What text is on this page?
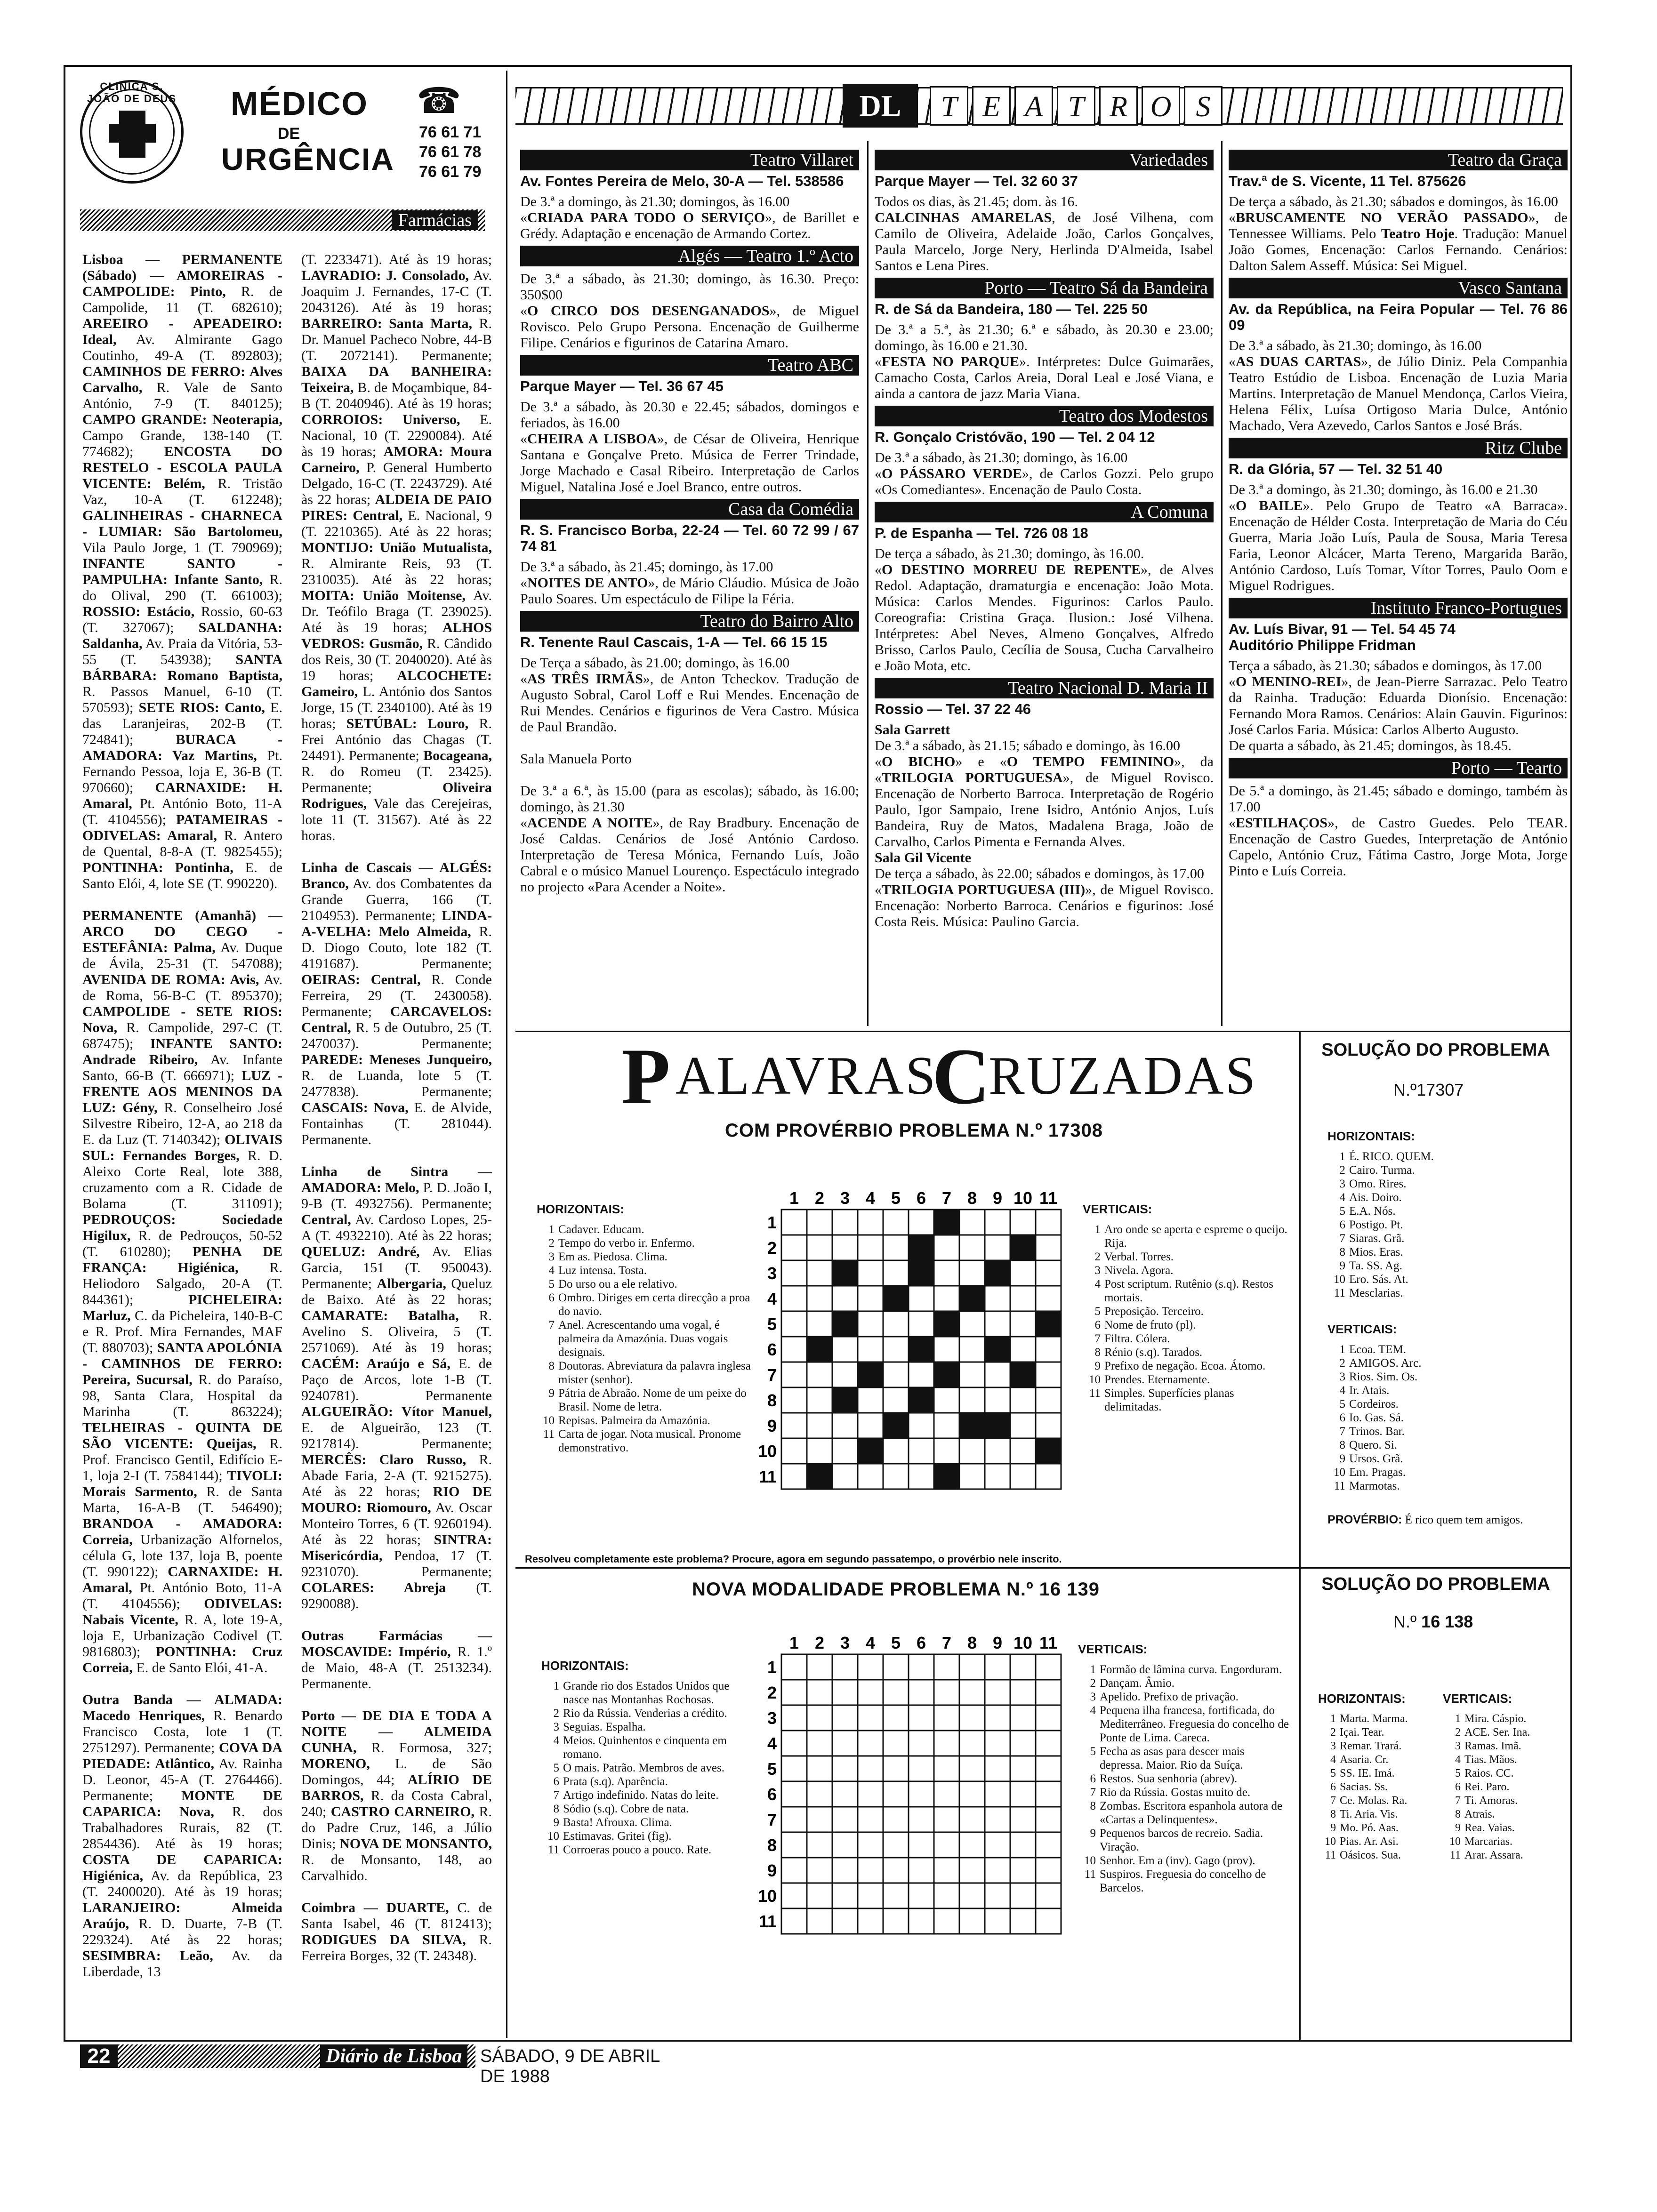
CLINICA S. JOÃO DE DEUS MÉDICO
DE
URGÊNCIA
☎
76 61 71
76 61 78
76 61 79
Farmácias

Lisboa — PERMANENTE (Sábado) — AMOREIRAS - CAMPOLIDE: Pinto, R. de Campolide, 11 (T. 682610); AREEIRO - APEADEIRO: Ideal, Av. Almirante Gago Coutinho, 49-A (T. 892803); CAMINHOS DE FERRO: Alves Carvalho, R. Vale de Santo António, 7-9 (T. 840125); CAMPO GRANDE: Neoterapia, Campo Grande, 138-140 (T. 774682); ENCOSTA DO RESTELO - ESCOLA PAULA VICENTE: Belém, R. Tristão Vaz, 10-A (T. 612248); GALINHEIRAS - CHARNECA - LUMIAR: São Bartolomeu, Vila Paulo Jorge, 1 (T. 790969); INFANTE SANTO - PAMPULHA: Infante Santo, R. do Olival, 290 (T. 661003); ROSSIO: Estácio, Rossio, 60-63 (T. 327067); SALDANHA: Saldanha, Av. Praia da Vitória, 53-55 (T. 543938); SANTA BÁRBARA: Romano Baptista, R. Passos Manuel, 6-10 (T. 570593); SETE RIOS: Canto, E. das Laranjeiras, 202-B (T. 724841); BURACA - AMADORA: Vaz Martins, Pt. Fernando Pessoa, loja E, 36-B (T. 970660); CARNAXIDE: H. Amaral, Pt. António Boto, 11-A (T. 4104556); PATAMEIRAS - ODIVELAS: Amaral, R. Antero de Quental, 8-8-A (T. 9825455); PONTINHA: Pontinha, E. de Santo Elói, 4, lote SE (T. 990220).

PERMANENTE (Amanhã) — ARCO DO CEGO - ESTEFÂNIA: Palma, Av. Duque de Ávila, 25-31 (T. 547088); AVENIDA DE ROMA: Avis, Av. de Roma, 56-B-C (T. 895370); CAMPOLIDE - SETE RIOS: Nova, R. Campolide, 297-C (T. 687475); INFANTE SANTO: Andrade Ribeiro, Av. Infante Santo, 66-B (T. 666971); LUZ - FRENTE AOS MENINOS DA LUZ: Gény, R. Conselheiro José Silvestre Ribeiro, 12-A, ao 218 da E. da Luz (T. 7140342); OLIVAIS SUL: Fernandes Borges, R. D. Aleixo Corte Real, lote 388, cruzamento com a R. Cidade de Bolama (T. 311091); PEDROUÇOS: Sociedade Higilux, R. de Pedrouços, 50-52 (T. 610280); PENHA DE FRANÇA: Higiénica, R. Heliodoro Salgado, 20-A (T. 844361); PICHELEIRA: Marluz, C. da Picheleira, 140-B-C e R. Prof. Mira Fernandes, MAF (T. 880703); SANTA APOLÓNIA - CAMINHOS DE FERRO: Pereira, Sucursal, R. do Paraíso, 98, Santa Clara, Hospital da Marinha (T. 863224); TELHEIRAS - QUINTA DE SÃO VICENTE: Queijas, R. Prof. Francisco Gentil, Edifício E-1, loja 2-I (T. 7584144); TIVOLI: Morais Sarmento, R. de Santa Marta, 16-A-B (T. 546490); BRANDOA - AMADORA: Correia, Urbanização Alfornelos, célula G, lote 137, loja B, poente (T. 990122); CARNAXIDE: H. Amaral, Pt. António Boto, 11-A (T. 4104556); ODIVELAS: Nabais Vicente, R. A, lote 19-A, loja E, Urbanização Codivel (T. 9816803); PONTINHA: Cruz Correia, E. de Santo Elói, 41-A.

Outra Banda — ALMADA: Macedo Henriques, R. Benardo Francisco Costa, lote 1 (T. 2751297). Permanente; COVA DA PIEDADE: Atlântico, Av. Rainha D. Leonor, 45-A (T. 2764466). Permanente; MONTE DE CAPARICA: Nova, R. dos Trabalhadores Rurais, 82 (T. 2854436). Até às 19 horas; COSTA DE CAPARICA: Higiénica, Av. da República, 23 (T. 2400020). Até às 19 horas; LARANJEIRO: Almeida Araújo, R. D. Duarte, 7-B (T. 229324). Até às 22 horas; SESIMBRA: Leão, Av. da Liberdade, 13

(T. 2233471). Até às 19 horas; LAVRADIO: J. Consolado, Av. Joaquim J. Fernandes, 17-C (T. 2043126). Até às 19 horas; BARREIRO: Santa Marta, R. Dr. Manuel Pacheco Nobre, 44-B (T. 2072141). Permanente; BAIXA DA BANHEIRA: Teixeira, B. de Moçambique, 84-B (T. 2040946). Até às 19 horas; CORROIOS: Universo, E. Nacional, 10 (T. 2290084). Até às 19 horas; AMORA: Moura Carneiro, P. General Humberto Delgado, 16-C (T. 2243729). Até às 22 horas; ALDEIA DE PAIO PIRES: Central, E. Nacional, 9 (T. 2210365). Até às 22 horas; MONTIJO: União Mutualista, R. Almirante Reis, 93 (T. 2310035). Até às 22 horas; MOITA: União Moitense, Av. Dr. Teófilo Braga (T. 239025). Até às 19 horas; ALHOS VEDROS: Gusmão, R. Cândido dos Reis, 30 (T. 2040020). Até às 19 horas; ALCOCHETE: Gameiro, L. António dos Santos Jorge, 15 (T. 2340100). Até às 19 horas; SETÚBAL: Louro, R. Frei António das Chagas (T. 24491). Permanente; Bocageana, R. do Romeu (T. 23425). Permanente; Oliveira Rodrigues, Vale das Cerejeiras, lote 11 (T. 31567). Até às 22 horas.

Linha de Cascais — ALGÉS: Branco, Av. dos Combatentes da Grande Guerra, 166 (T. 2104953). Permanente; LINDA-A-VELHA: Melo Almeida, R. D. Diogo Couto, lote 182 (T. 4191687). Permanente; OEIRAS: Central, R. Conde Ferreira, 29 (T. 2430058). Permanente; CARCAVELOS: Central, R. 5 de Outubro, 25 (T. 2470037). Permanente; PAREDE: Meneses Junqueiro, R. de Luanda, lote 5 (T. 2477838). Permanente; CASCAIS: Nova, E. de Alvide, Fontainhas (T. 281044). Permanente.

Linha de Sintra — AMADORA: Melo, P. D. João I, 9-B (T. 4932756). Permanente; Central, Av. Cardoso Lopes, 25-A (T. 4932210). Até às 22 horas; QUELUZ: André, Av. Elias Garcia, 151 (T. 950043). Permanente; Albergaria, Queluz de Baixo. Até às 22 horas; CAMARATE: Batalha, R. Avelino S. Oliveira, 5 (T. 2571069). Até às 19 horas; CACÉM: Araújo e Sá, E. de Paço de Arcos, lote 1-B (T. 9240781). Permanente ALGUEIRÃO: Vítor Manuel, E. de Algueirão, 123 (T. 9217814). Permanente; MERCÊS: Claro Russo, R. Abade Faria, 2-A (T. 9215275). Até às 22 horas; RIO DE MOURO: Riomouro, Av. Oscar Monteiro Torres, 6 (T. 9260194). Até às 22 horas; SINTRA: Misericórdia, Pendoa, 17 (T. 9231070). Permanente; COLARES: Abreja (T. 9290088).

Outras Farmácias — MOSCAVIDE: Império, R. 1.º de Maio, 48-A (T. 2513234). Permanente.

Porto — DE DIA E TODA A NOITE — ALMEIDA CUNHA, R. Formosa, 327; MORENO, L. de São Domingos, 44; ALÍRIO DE BARROS, R. da Costa Cabral, 240; CASTRO CARNEIRO, R. do Padre Cruz, 146, a Júlio Dinis; NOVA DE MONSANTO, R. de Monsanto, 148, ao Carvalhido.

Coimbra — DUARTE, C. de Santa Isabel, 46 (T. 812413); RODIGUES DA SILVA, R. Ferreira Borges, 32 (T. 24348).

DL	T E A T R O S
Teatro Villaret
Av. Fontes Pereira de Melo, 30-A — Tel. 538586
De 3.ª a domingo, às 21.30; domingos, às 16.00
«CRIADA PARA TODO O SERVIÇO», de Barillet e Grédy. Adaptação e encenação de Armando Cortez.
Algés — Teatro 1.º Acto
De 3.ª a sábado, às 21.30; domingo, às 16.30. Preço: 350$00
«O CIRCO DOS DESENGANADOS», de Miguel Rovisco. Pelo Grupo Persona. Encenação de Guilherme Filipe. Cenários e figurinos de Catarina Amaro.
Teatro ABC
Parque Mayer — Tel. 36 67 45
De 3.ª a sábado, às 20.30 e 22.45; sábados, domingos e feriados, às 16.00
«CHEIRA A LISBOA», de César de Oliveira, Henrique Santana e Gonçalve Preto. Música de Ferrer Trindade, Jorge Machado e Casal Ribeiro. Interpretação de Carlos Miguel, Natalina José e Joel Branco, entre outros.
Casa da Comédia
R. S. Francisco Borba, 22-24 — Tel. 60 72 99 / 67 74 81
De 3.ª a sábado, às 21.45; domingo, às 17.00
«NOITES DE ANTO», de Mário Cláudio. Música de João Paulo Soares. Um espectáculo de Filipe la Féria.
Teatro do Bairro Alto
R. Tenente Raul Cascais, 1-A — Tel. 66 15 15
De Terça a sábado, às 21.00; domingo, às 16.00
«AS TRÊS IRMÃS», de Anton Tcheckov. Tradução de Augusto Sobral, Carol Loff e Rui Mendes. Encenação de Rui Mendes. Cenários e figurinos de Vera Castro. Música de Paul Brandão.

Sala Manuela Porto

De 3.ª a 6.ª, às 15.00 (para as escolas); sábado, às 16.00; domingo, às 21.30
«ACENDE A NOITE», de Ray Bradbury. Encenação de José Caldas. Cenários de José António Cardoso. Interpretação de Teresa Mónica, Fernando Luís, João Cabral e o músico Manuel Lourenço. Espectáculo integrado no projecto «Para Acender a Noite».
Variedades
Parque Mayer — Tel. 32 60 37
Todos os dias, às 21.45; dom. às 16.
CALCINHAS AMARELAS, de José Vilhena, com Camilo de Oliveira, Adelaide João, Carlos Gonçalves, Paula Marcelo, Jorge Nery, Herlinda D'Almeida, Isabel Santos e Lena Pires.
Porto — Teatro Sá da Bandeira
R. de Sá da Bandeira, 180 — Tel. 225 50
De 3.ª a 5.ª, às 21.30; 6.ª e sábado, às 20.30 e 23.00; domingo, às 16.00 e 21.30.
«FESTA NO PARQUE». Intérpretes: Dulce Guimarães, Camacho Costa, Carlos Areia, Doral Leal e José Viana, e ainda a cantora de jazz Maria Viana.
Teatro dos Modestos
R. Gonçalo Cristóvão, 190 — Tel. 2 04 12
De 3.ª a sábado, às 21.30; domingo, às 16.00
«O PÁSSARO VERDE», de Carlos Gozzi. Pelo grupo «Os Comediantes». Encenação de Paulo Costa.
A Comuna
P. de Espanha — Tel. 726 08 18
De terça a sábado, às 21.30; domingo, às 16.00.
«O DESTINO MORREU DE REPENTE», de Alves Redol. Adaptação, dramaturgia e encenação: João Mota. Música: Carlos Mendes. Figurinos: Carlos Paulo. Coreografia: Cristina Graça. Ilusion.: José Vilhena. Intérpretes: Abel Neves, Almeno Gonçalves, Alfredo Brisso, Carlos Paulo, Cecília de Sousa, Cucha Carvalheiro e João Mota, etc.
Teatro Nacional D. Maria II
Rossio — Tel. 37 22 46
Sala Garrett
De 3.ª a sábado, às 21.15; sábado e domingo, às 16.00
«O BICHO» e «O TEMPO FEMININO», da «TRILOGIA PORTUGUESA», de Miguel Rovisco. Encenação de Norberto Barroca. Interpretação de Rogério Paulo, Igor Sampaio, Irene Isidro, António Anjos, Luís Bandeira, Ruy de Matos, Madalena Braga, João de Carvalho, Carlos Pimenta e Fernanda Alves.
Sala Gil Vicente
De terça a sábado, às 22.00; sábados e domingos, às 17.00
«TRILOGIA PORTUGUESA (III)», de Miguel Rovisco. Encenação: Norberto Barroca. Cenários e figurinos: José Costa Reis. Música: Paulino Garcia.
Teatro da Graça
Trav.ª de S. Vicente, 11 Tel. 875626
De terça a sábado, às 21.30; sábados e domingos, às 16.00
«BRUSCAMENTE NO VERÃO PASSADO», de Tennessee Williams. Pelo Teatro Hoje. Tradução: Manuel João Gomes, Encenação: Carlos Fernando. Cenários: Dalton Salem Asseff. Música: Sei Miguel.
Vasco Santana
Av. da República, na Feira Popular — Tel. 76 86 09
De 3.ª a sábado, às 21.30; domingo, às 16.00
«AS DUAS CARTAS», de Júlio Diniz. Pela Companhia Teatro Estúdio de Lisboa. Encenação de Luzia Maria Martins. Interpretação de Manuel Mendonça, Carlos Vieira, Helena Félix, Luísa Ortigoso Maria Dulce, António Machado, Vera Azevedo, Carlos Santos e José Brás.
Ritz Clube
R. da Glória, 57 — Tel. 32 51 40
De 3.ª a domingo, às 21.30; domingo, às 16.00 e 21.30
«O BAILE». Pelo Grupo de Teatro «A Barraca». Encenação de Hélder Costa. Interpretação de Maria do Céu Guerra, Maria João Luís, Paula de Sousa, Maria Teresa Faria, Leonor Alcácer, Marta Tereno, Margarida Barão, António Cardoso, Luís Tomar, Vítor Torres, Paulo Oom e Miguel Rodrigues.
Instituto Franco-Portugues
Av. Luís Bivar, 91 — Tel. 54 45 74
Auditório Philippe Fridman
Terça a sábado, às 21.30; sábados e domingos, às 17.00
«O MENINO-REI», de Jean-Pierre Sarrazac. Pelo Teatro da Rainha. Tradução: Eduarda Dionísio. Encenação: Fernando Mora Ramos. Cenários: Alain Gauvin. Figurinos: José Carlos Faria. Música: Carlos Alberto Augusto.
De quarta a sábado, às 21.45; domingos, às 18.45.
Porto — Tearto
De 5.ª a domingo, às 21.45; sábado e domingo, também às 17.00
«ESTILHAÇOS», de Castro Guedes. Pelo TEAR. Encenação de Castro Guedes, Interpretação de António Capelo, António Cruz, Fátima Castro, Jorge Mota, Jorge Pinto e Luís Correia.
P ALAVRAS
C
RUZADAS
COM PROVÉRBIO PROBLEMA N.º 17308
HORIZONTAIS:
1 Cadaver. Educam.
2 Tempo do verbo ir. Enfermo.
3 Em as. Piedosa. Clima.
4 Luz intensa. Tosta.
5 Do urso ou a ele relativo.
6 Ombro. Diriges em certa direcção a proa do navio.
7 Anel. Acrescentando uma vogal, é palmeira da Amazónia. Duas vogais designais.
8 Doutoras. Abreviatura da palavra inglesa mister (senhor).
9 Pátria de Abraão. Nome de um peixe do Brasil. Nome de letra.
10 Repisas. Palmeira da Amazónia.
11 Carta de jogar. Nota musical. Pronome demonstrativo.
1
1
2
2
3
3
4
4
5
5
6
6
7
7
8
8
9
9
10
10
11
11
VERTICAIS:
1 Aro onde se aperta e espreme o queijo. Rija.
2 Verbal. Torres.
3 Nivela. Agora.
4 Post scriptum. Rutênio (s.q). Restos mortais.
5 Preposição. Terceiro.
6 Nome de fruto (pl).
7 Filtra. Cólera.
8 Rénio (s.q). Tarados.
9 Prefixo de negação. Ecoa. Átomo.
10 Prendes. Eternamente.
11 Simples. Superfícies planas delimitadas.
Resolveu completamente este problema? Procure, agora em segundo passatempo, o provérbio nele inscrito.
SOLUÇÃO DO PROBLEMA
N.º17307
HORIZONTAIS:
1 É. RICO. QUEM.
2 Cairo. Turma.
3 Omo. Rires.
4 Ais. Doiro.
5 E.A. Nós.
6 Postigo. Pt.
7 Siaras. Grã.
8 Mios. Eras.
9 Ta. SS. Ag.
10 Ero. Sás. At.
11 Mesclarias.
VERTICAIS:
1 Ecoa. TEM.
2 AMIGOS. Arc.
3 Rios. Sim. Os.
4 Ir. Atais.
5 Cordeiros.
6 Io. Gas. Sá.
7 Trinos. Bar.
8 Quero. Si.
9 Ursos. Grã.
10 Em. Pragas.
11 Marmotas.
PROVÉRBIO: É rico quem tem amigos.
NOVA MODALIDADE PROBLEMA N.º 16 139
HORIZONTAIS:
1 Grande rio dos Estados Unidos que nasce nas Montanhas Rochosas.
2 Rio da Rússia. Venderias a crédito.
3 Seguias. Espalha.
4 Meios. Quinhentos e cinquenta em romano.
5 O mais. Patrão. Membros de aves.
6 Prata (s.q). Aparência.
7 Artigo indefinido. Natas do leite.
8 Sódio (s.q). Cobre de nata.
9 Basta! Afrouxa. Clima.
10 Estimavas. Gritei (fig).
11 Corroeras pouco a pouco. Rate.
1
1
2
2
3
3
4
4
5
5
6
6
7
7
8
8
9
9
10
10
11
11
VERTICAIS:
1 Formão de lâmina curva. Engorduram.
2 Dançam. Âmio.
3 Apelido. Prefixo de privação.
4 Pequena ilha francesa, fortificada, do Mediterrâneo. Freguesia do concelho de Ponte de Lima. Careca.
5 Fecha as asas para descer mais depressa. Maior. Rio da Suíça.
6 Restos. Sua senhoria (abrev).
7 Rio da Rússia. Gostas muito de.
8 Zombas. Escritora espanhola autora de «Cartas a Delinquentes».
9 Pequenos barcos de recreio. Sadia. Viração.
10 Senhor. Em a (inv). Gago (prov).
11 Suspiros. Freguesia do concelho de Barcelos.
SOLUÇÃO DO PROBLEMA
N.º 16 138
HORIZONTAIS:
1 Marta. Marma.
2 Içai. Tear.
3 Remar. Trará.
4 Asaria. Cr.
5 SS. IE. Imá.
6 Sacias. Ss.
7 Ce. Molas. Ra.
8 Ti. Aria. Vis.
9 Mo. Pó. Aas.
10 Pias. Ar. Asi.
11 Oásicos. Sua.
VERTICAIS:
1 Mira. Cáspio.
2 ACE. Ser. Ina.
3 Ramas. Imã.
4 Tias. Mãos.
5 Raios. CC.
6 Rei. Paro.
7 Ti. Amoras.
8 Atrais.
9 Rea. Vaias.
10 Marcarias.
11 Arar. Assara.
22	Diário de Lisboa	SÁBADO, 9 DE ABRIL DE 1988
